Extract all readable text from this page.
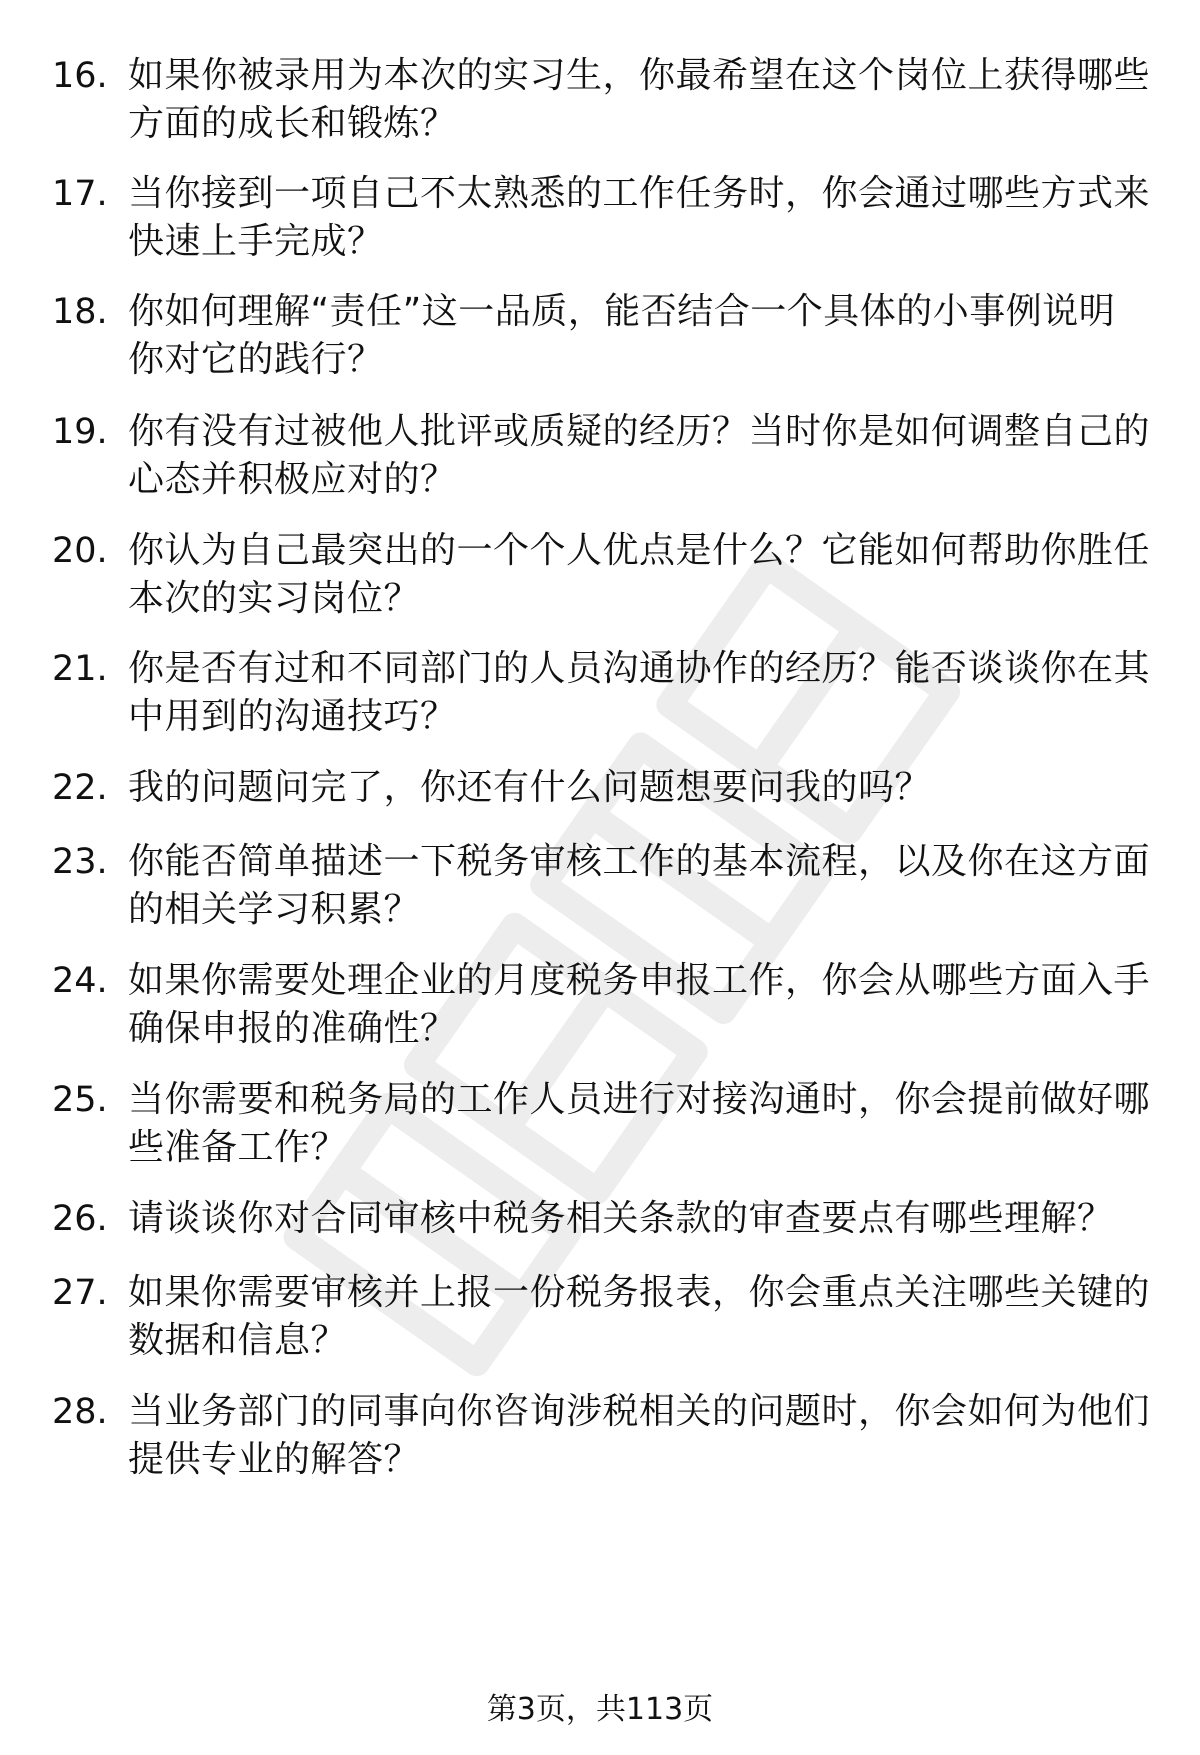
16. 如果你被录用为本次的实习生，你最希望在这个岗位上获得哪些
方面的成长和锻炼？
17. 当你接到一项自己不太熟悉的工作任务时，你会通过哪些方式来
快速上手完成？
18. 你如何理解“责任”这一品质，能否结合一个具体的小事例说明
你对它的践行？
19. 你有没有过被他人批评或质疑的经历？当时你是如何调整自己的
心态并积极应对的？
20. 你认为自己最突出的一个个人优点是什么？它能如何帮助你胜任
本次的实习岗位？
21. 你是否有过和不同部门的人员沟通协作的经历？能否谈谈你在其
中用到的沟通技巧？
22. 我的问题问完了，你还有什么问题想要问我的吗？
23. 你能否简单描述一下税务审核工作的基本流程，以及你在这方面
的相关学习积累？
24. 如果你需要处理企业的月度税务申报工作，你会从哪些方面入手
确保申报的准确性？
25. 当你需要和税务局的工作人员进行对接沟通时，你会提前做好哪
些准备工作？
26. 请谈谈你对合同审核中税务相关条款的审查要点有哪些理解？
27. 如果你需要审核并上报一份税务报表，你会重点关注哪些关键的
数据和信息？
28. 当业务部门的同事向你咨询涉税相关的问题时，你会如何为他们
提供专业的解答？
第3页，共113页
